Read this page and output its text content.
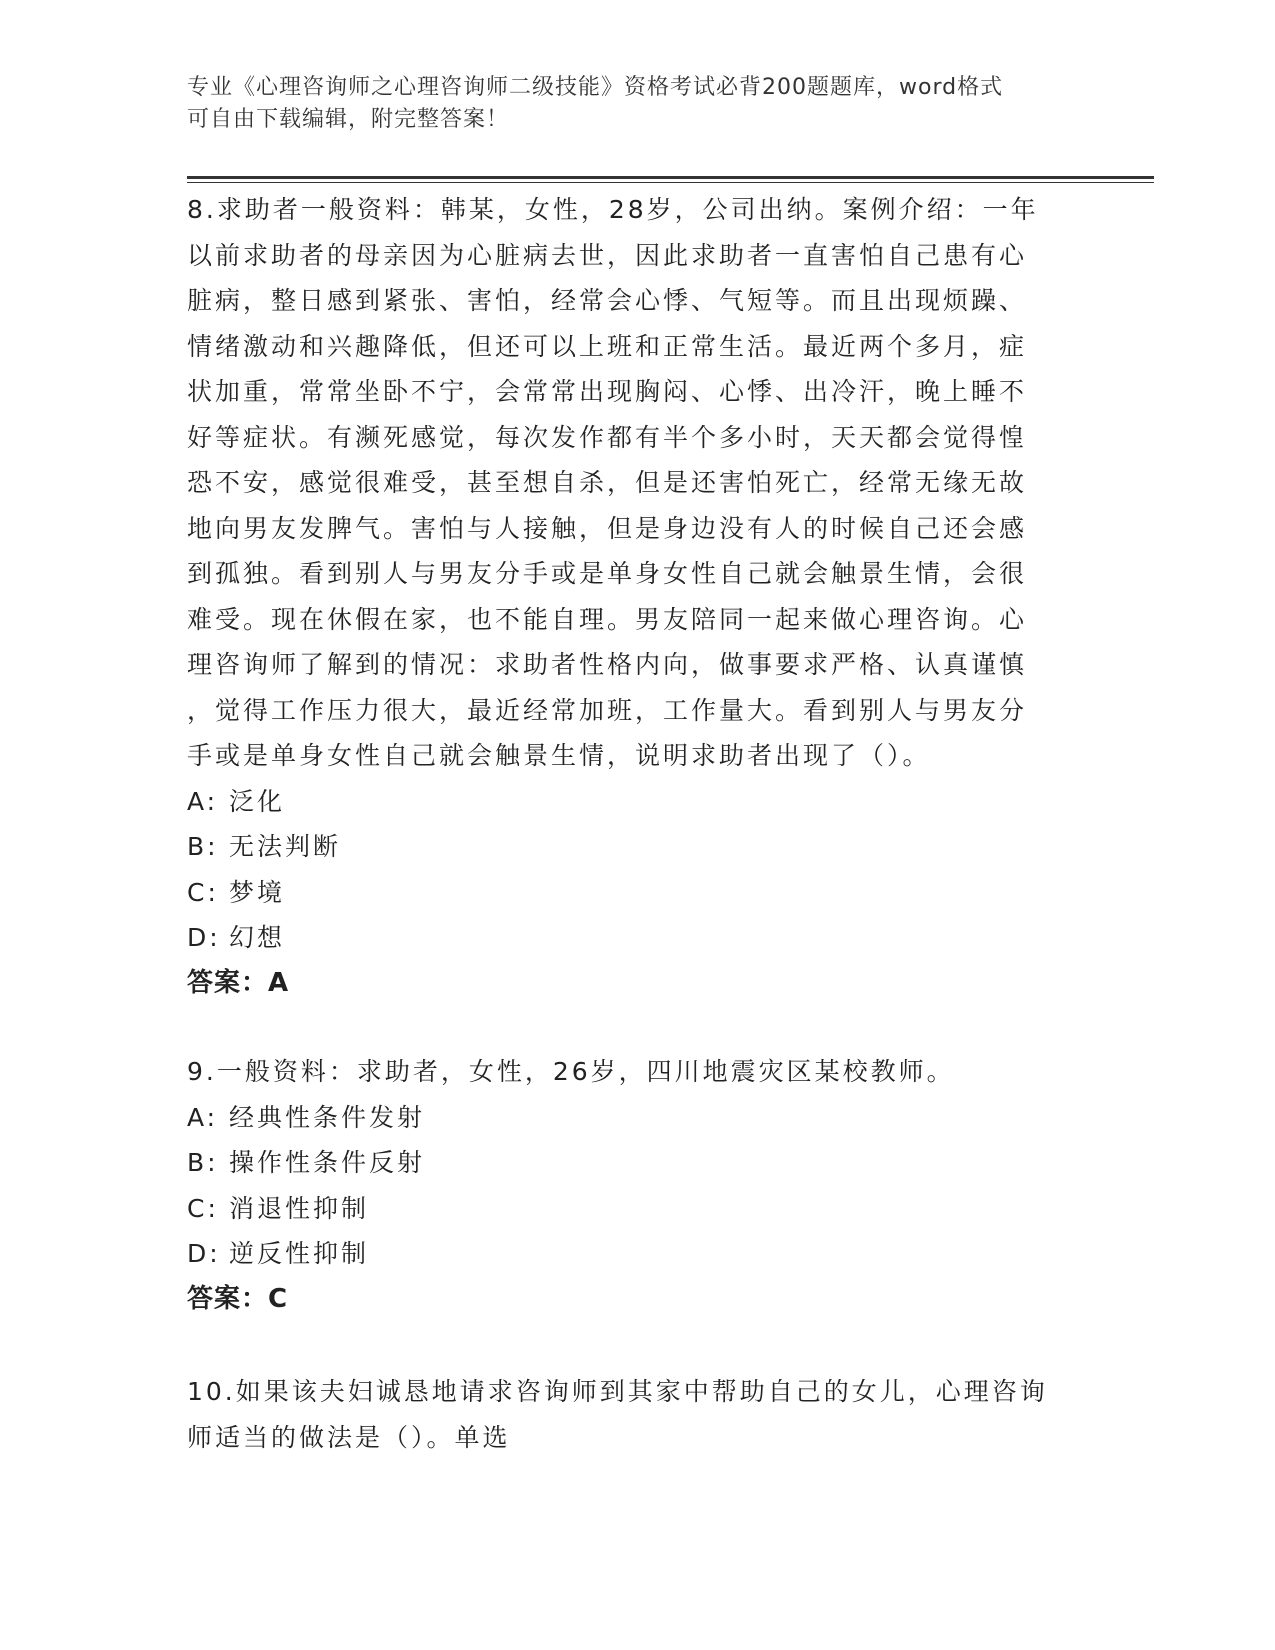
专业《心理咨询师之心理咨询师二级技能》资格考试必背200题题库，word格式
可自由下载编辑，附完整答案！

8.求助者一般资料：韩某，女性，28岁，公司出纳。案例介绍：一年

以前求助者的母亲因为心脏病去世，因此求助者一直害怕自己患有心

脏病，整日感到紧张、害怕，经常会心悸、气短等。而且出现烦躁、

情绪激动和兴趣降低，但还可以上班和正常生活。最近两个多月，症

状加重，常常坐卧不宁，会常常出现胸闷、心悸、出冷汗，晚上睡不

好等症状。有濒死感觉，每次发作都有半个多小时，天天都会觉得惶

恐不安，感觉很难受，甚至想自杀，但是还害怕死亡，经常无缘无故

地向男友发脾气。害怕与人接触，但是身边没有人的时候自己还会感

到孤独。看到别人与男友分手或是单身女性自己就会触景生情，会很

难受。现在休假在家，也不能自理。男友陪同一起来做心理咨询。心

理咨询师了解到的情况：求助者性格内向，做事要求严格、认真谨慎

，觉得工作压力很大，最近经常加班，工作量大。看到别人与男友分

手或是单身女性自己就会触景生情，说明求助者出现了（）。

A: 泛化

B: 无法判断

C: 梦境

D: 幻想

答案：A

9.一般资料：求助者，女性，26岁，四川地震灾区某校教师。

A: 经典性条件发射

B: 操作性条件反射

C: 消退性抑制

D: 逆反性抑制

答案：C

10.如果该夫妇诚恳地请求咨询师到其家中帮助自己的女儿，心理咨询

师适当的做法是（）。单选
